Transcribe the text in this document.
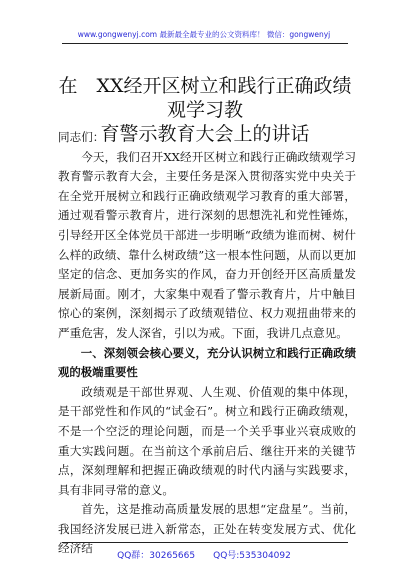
www.gongwenyj.com 最新最全最专业的公文资料库！ 微信：gongwenyj
在　XX经开区树立和践行正确政绩观学习教
育警示教育大会上的讲话

同志们：

今天，我们召开XX经开区树立和践行正确政绩观学习教育警示教育大会，主要任务是深入贯彻落实党中央关于在全党开展树立和践行正确政绩观学习教育的重大部署，通过观看警示教育片，进行深刻的思想洗礼和党性锤炼，引导经开区全体党员干部进一步明晰“政绩为谁而树、树什么样的政绩、靠什么树政绩”这一根本性问题，从而以更加坚定的信念、更加务实的作风，奋力开创经开区高质量发展新局面。刚才，大家集中观看了警示教育片，片中触目惊心的案例，深刻揭示了政绩观错位、权力观扭曲带来的严重危害，发人深省，引以为戒。下面，我讲几点意见。

一、深刻领会核心要义，充分认识树立和践行正确政绩观的极端重要性

政绩观是干部世界观、人生观、价值观的集中体现，是干部党性和作风的“试金石”。树立和践行正确政绩观，不是一个空泛的理论问题，而是一个关乎事业兴衰成败的重大实践问题。在当前这个承前启后、继往开来的关键节点，深刻理解和把握正确政绩观的时代内涵与实践要求，具有非同寻常的意义。

首先，这是推动高质量发展的思想“定盘星”。当前，我国经济发展已进入新常态，正处在转变发展方式、优化经济结

QQ群：30265665 QQ号:535304092
